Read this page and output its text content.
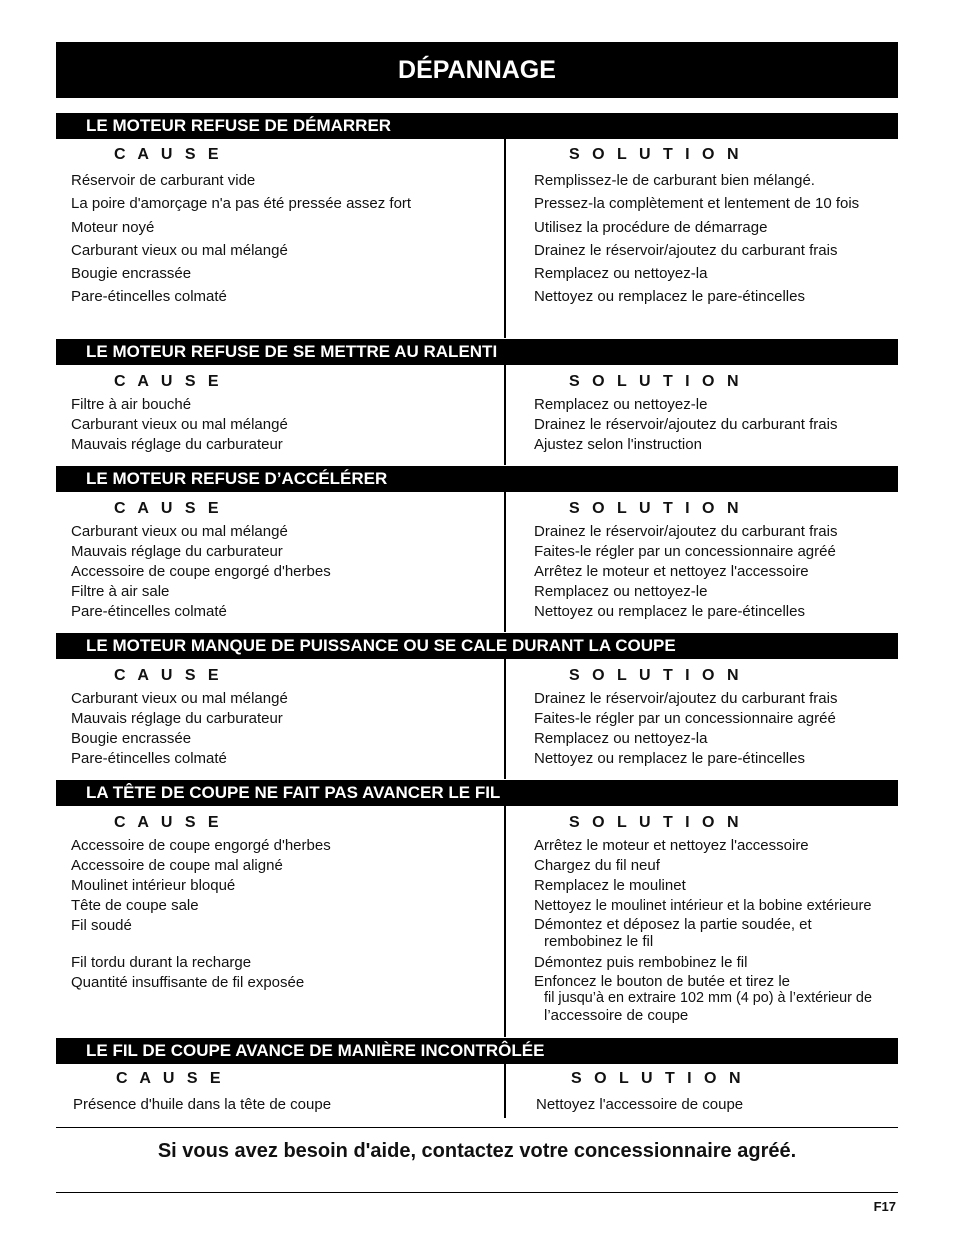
DÉPANNAGE
LE MOTEUR REFUSE DE DÉMARRER
C A U S E
Réservoir de carburant vide
La poire d'amorçage n'a pas été pressée assez fort
Moteur noyé
Carburant vieux ou mal mélangé
Bougie encrassée
Pare-étincelles colmaté
S O L U T I O N
Remplissez-le de carburant bien mélangé.
Pressez-la complètement et lentement de 10 fois
Utilisez la procédure de démarrage
Drainez le réservoir/ajoutez du carburant frais
Remplacez ou nettoyez-la
Nettoyez ou remplacez le pare-étincelles
LE MOTEUR REFUSE DE SE METTRE AU RALENTI
C A U S E
Filtre à air bouché
Carburant vieux ou mal mélangé
Mauvais réglage du carburateur
S O L U T I O N
Remplacez ou nettoyez-le
Drainez le réservoir/ajoutez du carburant frais
Ajustez selon l'instruction
LE MOTEUR REFUSE D’ACCÉLÉRER
C A U S E
Carburant vieux ou mal mélangé
Mauvais réglage du carburateur
Accessoire de coupe engorgé d'herbes
Filtre à air sale
Pare-étincelles colmaté
S O L U T I O N
Drainez le réservoir/ajoutez du carburant frais
Faites-le régler par un concessionnaire agréé
Arrêtez le moteur et nettoyez l'accessoire
Remplacez ou nettoyez-le
Nettoyez ou remplacez le pare-étincelles
LE MOTEUR MANQUE DE PUISSANCE OU SE CALE DURANT LA COUPE
C A U S E
Carburant vieux ou mal mélangé
Mauvais réglage du carburateur
Bougie encrassée
Pare-étincelles colmaté
S O L U T I O N
Drainez le réservoir/ajoutez du carburant frais
Faites-le régler par un concessionnaire agréé
Remplacez ou nettoyez-la
Nettoyez ou remplacez le pare-étincelles
LA TÊTE DE COUPE NE FAIT PAS AVANCER LE FIL
C A U S E
Accessoire de coupe engorgé d'herbes
Accessoire de coupe mal aligné
Moulinet intérieur bloqué
Tête de coupe sale
Fil soudé
Fil tordu durant la recharge
Quantité insuffisante de fil exposée
S O L U T I O N
Arrêtez le moteur et nettoyez l'accessoire
Chargez du fil neuf
Remplacez le moulinet
Nettoyez le moulinet intérieur et la bobine extérieure
Démontez et déposez la partie soudée, et
rembobinez le fil
Démontez puis rembobinez le fil
Enfoncez le bouton de butée et tirez le
fil jusqu’à en extraire 102 mm (4 po) à l’extérieur de
l’accessoire de coupe
LE FIL DE COUPE AVANCE DE MANIÈRE INCONTRÔLÉE
C A U S E
Présence d'huile dans la tête de coupe
S O L U T I O N
Nettoyez l'accessoire de coupe
Si vous avez besoin d'aide, contactez votre concessionnaire agréé.
F17
